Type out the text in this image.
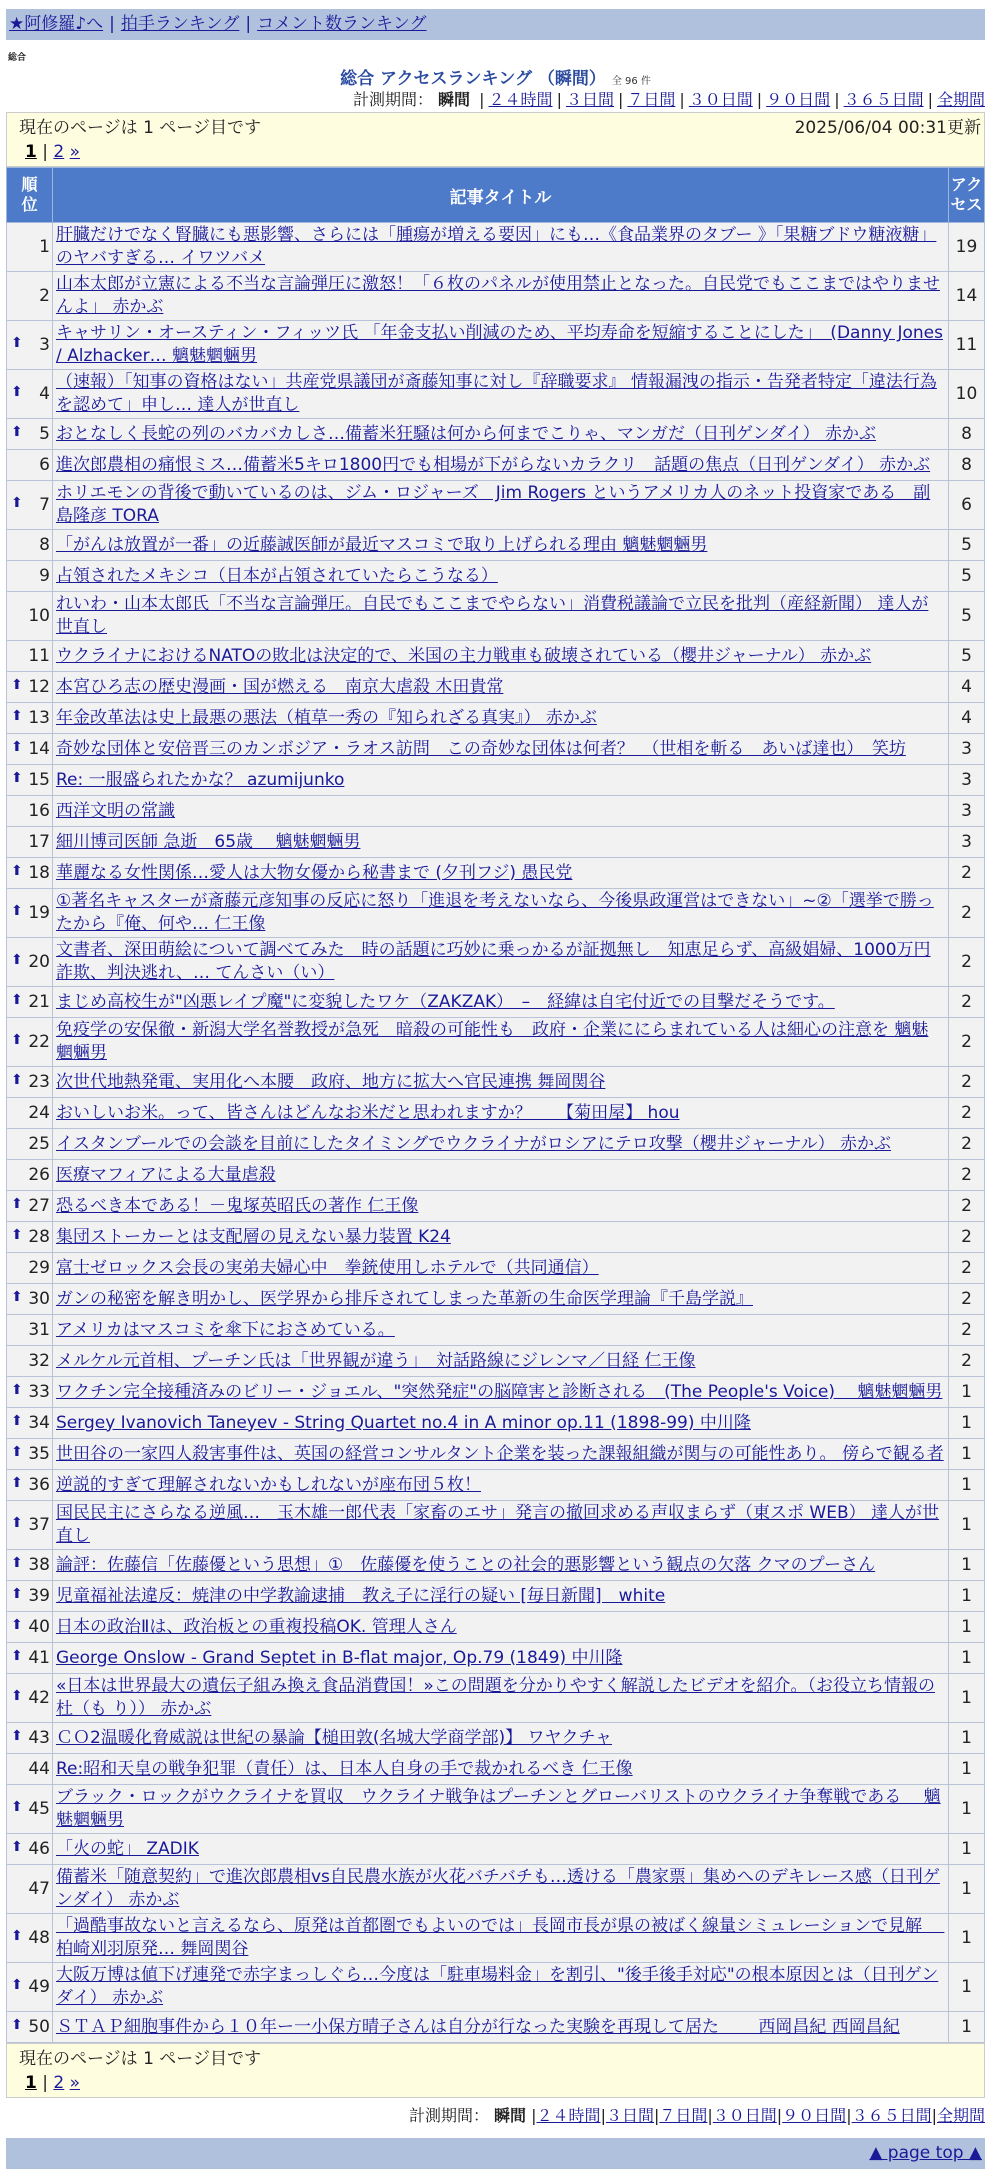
★阿修羅♪へ | 拍手ランキング | コメント数ランキング
総合
総合 アクセスランキング （瞬間） 全 96 件
計測期間： 瞬間 | ２４時間 | ３日間 | ７日間 | ３０日間 | ９０日間 | ３６５日間 | 全期間
現在のページは 1 ページ目です
1 | 2 »
2025/06/04 00:31更新
順
位	記事タイトル	アク
セス
1	肝臓だけでなく腎臓にも悪影響、さらには「腫瘍が増える要因」にも…《食品業界のタブー 》「果糖ブドウ糖液糖」のヤバすぎる… イワツバメ	19
2	山本太郎が立憲による不当な言論弾圧に激怒！「６枚のパネルが使用禁止となった。自民党でもここまではやりませんよ」 赤かぶ	14

⬆ 3	キャサリン・オースティン・フィッツ氏 「年金支払い削減のため、平均寿命を短縮することにした」　(Danny Jones / Alzhacker… 魑魅魍魎男	11

⬆ 4	（速報）「知事の資格はない」共産党県議団が斎藤知事に対し『辞職要求』 情報漏洩の指示・告発者特定「違法行為を認めて」申し… 達人が世直し	10

⬆ 5	おとなしく長蛇の列のバカバカしさ…備蓄米狂騒は何から何までこりゃ、マンガだ（日刊ゲンダイ） 赤かぶ	8
6	進次郎農相の痛恨ミス…備蓄米5キロ1800円でも相場が下がらないカラクリ　話題の焦点（日刊ゲンダイ） 赤かぶ	8

⬆ 7	ホリエモンの背後で動いているのは、ジム・ロジャーズ　Jim Rogers というアメリカ人のネット投資家である　副島隆彦 TORA	6
8	「がんは放置が一番」の近藤誠医師が最近マスコミで取り上げられる理由 魑魅魍魎男	5
9	占領されたメキシコ（日本が占領されていたらこうなる）	5
10	れいわ・山本太郎氏「不当な言論弾圧。自民でもここまでやらない」消費税議論で立民を批判（産経新聞） 達人が世直し	5
11	ウクライナにおけるNATOの敗北は決定的で、米国の主力戦車も破壊されている（櫻井ジャーナル） 赤かぶ	5

⬆ 12	本宮ひろ志の歴史漫画・国が燃える　南京大虐殺 木田貴常	4

⬆ 13	年金改革法は史上最悪の悪法（植草一秀の『知られざる真実』） 赤かぶ	4

⬆ 14	奇妙な団体と安倍晋三のカンボジア・ラオス訪問　この奇妙な団体は何者？　（世相を斬る　あいば達也）　笑坊	3

⬆ 15	Re: 一服盛られたかな？ azumijunko	3
16	西洋文明の常識	3
17	細川博司医師 急逝　65歳　 魑魅魍魎男	3

⬆ 18	華麗なる女性関係…愛人は大物女優から秘書まで (夕刊フジ) 愚民党	2

⬆ 19	①著名キャスターが斎藤元彦知事の反応に怒り「進退を考えないなら、今後県政運営はできない」~②「選挙で勝ったから『俺、何や… 仁王像	2

⬆ 20	文書者、深田萌絵について調べてみた　時の話題に巧妙に乗っかるが証拠無し　知恵足らず、高級娼婦、1000万円詐欺、判決逃れ、… てんさい（い）	2

⬆ 21	まじめ高校生が"凶悪レイプ魔"に変貌したワケ（ZAKZAK）　–　経緯は自宅付近での目撃だそうです。	2

⬆ 22	免疫学の安保徹・新潟大学名誉教授が急死　暗殺の可能性も　政府・企業ににらまれている人は細心の注意を 魑魅魍魎男	2

⬆ 23	次世代地熱発電、実用化へ本腰　政府、地方に拡大へ官民連携 舞岡関谷	2
24	おいしいお米。って、皆さんはどんなお米だと思われますか？　　【菊田屋】 hou	2
25	イスタンブールでの会談を目前にしたタイミングでウクライナがロシアにテロ攻撃（櫻井ジャーナル） 赤かぶ	2
26	医療マフィアによる大量虐殺	2

⬆ 27	恐るべき本である！－鬼塚英昭氏の著作 仁王像	2

⬆ 28	集団ストーカーとは支配層の見えない暴力装置 K24	2
29	富士ゼロックス会長の実弟夫婦心中　拳銃使用しホテルで（共同通信）	2

⬆ 30	ガンの秘密を解き明かし、医学界から排斥されてしまった革新の生命医学理論『千島学説』	2
31	アメリカはマスコミを傘下におさめている。	2
32	メルケル元首相、プーチン氏は「世界観が違う」　対話路線にジレンマ／日経 仁王像	2

⬆ 33	ワクチン完全接種済みのビリー・ジョエル、"突然発症"の脳障害と診断される　(The People's Voice)　 魑魅魍魎男	1

⬆ 34	Sergey Ivanovich Taneyev - String Quartet no.4 in A minor op.11 (1898-99) 中川隆	1

⬆ 35	世田谷の一家四人殺害事件は、英国の経営コンサルタント企業を装った課報組織が関与の可能性あり。 傍らで観る者	1

⬆ 36	逆説的すぎて理解されないかもしれないが座布団５枚！	1

⬆ 37	国民民主にさらなる逆風…　玉木雄一郎代表「家畜のエサ」発言の撤回求める声収まらず（東スポ WEB） 達人が世直し	1

⬆ 38	論評：佐藤信「佐藤優という思想」①　佐藤優を使うことの社会的悪影響という観点の欠落 クマのプーさん	1

⬆ 39	児童福祉法違反：焼津の中学教諭逮捕　教え子に淫行の疑い [毎日新聞]　white	1

⬆ 40	日本の政治Ⅱは、政治板との重複投稿OK. 管理人さん	1

⬆ 41	George Onslow - Grand Septet in B-flat major, Op.79 (1849) 中川隆	1

⬆ 42	«日本は世界最大の遺伝子組み換え食品消費国！»この問題を分かりやすく解説したビデオを紹介。（お役立ち情報の杜（も り）） 赤かぶ	1

⬆ 43	ＣＯ2温暖化脅威説は世紀の暴論【槌田敦(名城大学商学部)】 ワヤクチャ	1
44	Re:昭和天皇の戦争犯罪（責任）は、日本人自身の手で裁かれるべき 仁王像	1

⬆ 45	ブラック・ロックがウクライナを買収　ウクライナ戦争はプーチンとグローバリストのウクライナ争奪戦である　 魑魅魍魎男	1

⬆ 46	「火の蛇」 ZADIK	1
47	備蓄米「随意契約」で進次郎農相vs自民農水族が火花バチバチも…透ける「農家票」集めへのデキレース感（日刊ゲンダイ） 赤かぶ	1

⬆ 48	「過酷事故ないと言えるなら、原発は首都圏でもよいのでは」長岡市長が県の被ばく線量シミュレーションで見解　 柏崎刈羽原発… 舞岡関谷	1

⬆ 49	大阪万博は値下げ連発で赤字まっしぐら…今度は「駐車場料金」を割引、"後手後手対応"の根本原因とは（日刊ゲンダイ） 赤かぶ	1

⬆ 50	ＳＴＡＰ細胞事件から１０年ー一小保方晴子さんは自分が行なった実験を再現して居た　　 西岡昌紀 西岡昌紀	1
現在のページは 1 ページ目です
1 | 2 »
計測期間： 瞬間 |２４時間|３日間|７日間|３０日間|９０日間|３６５日間|全期間
▲ page top ▲
